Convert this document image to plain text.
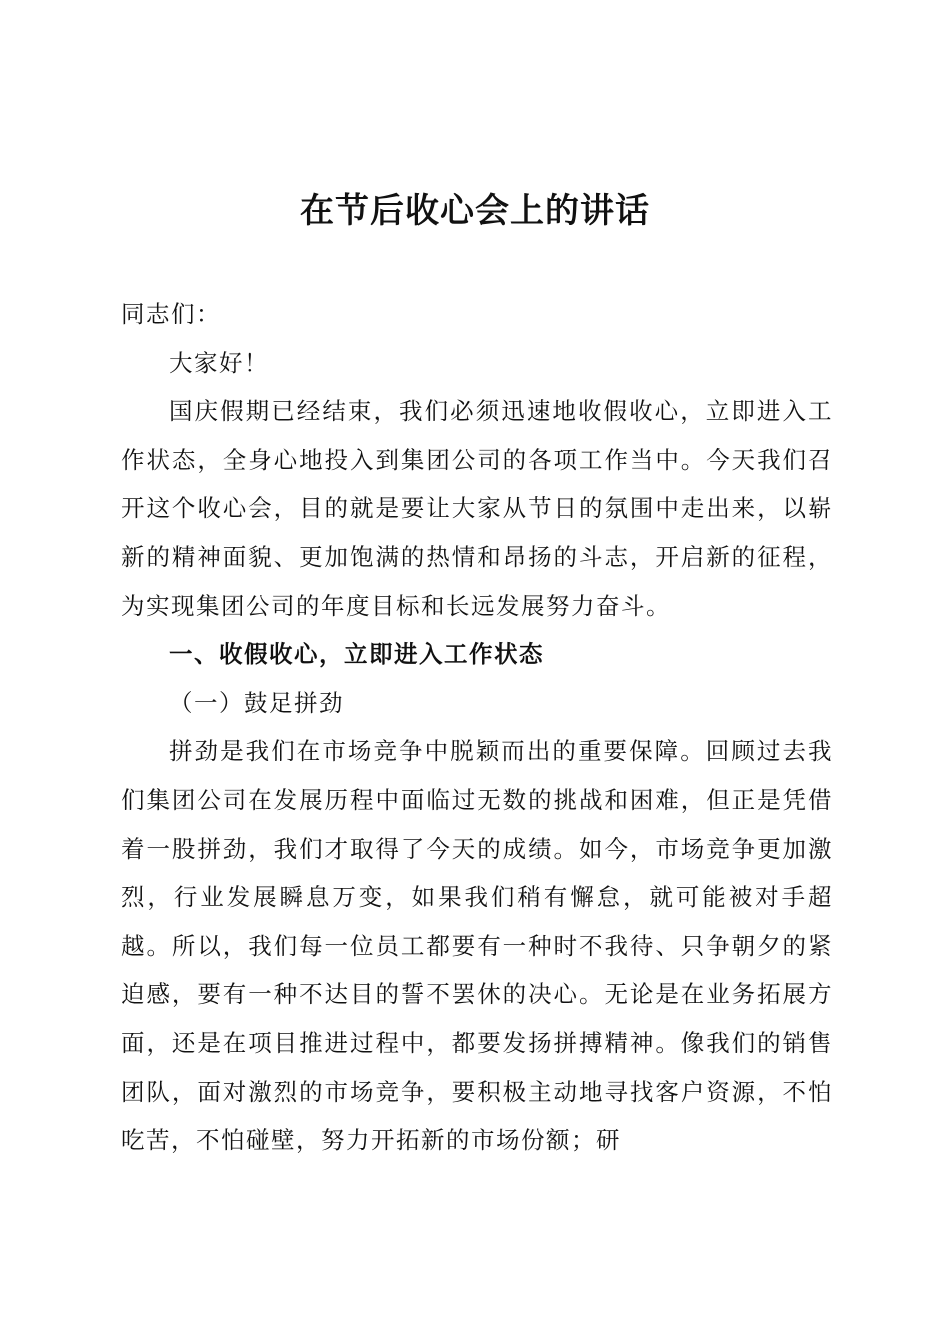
在节后收心会上的讲话

同志们：

大家好！

国庆假期已经结束，我们必须迅速地收假收心，立即进入工作状态，全身心地投入到集团公司的各项工作当中。今天我们召开这个收心会，目的就是要让大家从节日的氛围中走出来，以崭新的精神面貌、更加饱满的热情和昂扬的斗志，开启新的征程，为实现集团公司的年度目标和长远发展努力奋斗。

一、收假收心，立即进入工作状态

（一）鼓足拼劲

拼劲是我们在市场竞争中脱颖而出的重要保障。回顾过去我们集团公司在发展历程中面临过无数的挑战和困难，但正是凭借着一股拼劲，我们才取得了今天的成绩。如今，市场竞争更加激烈，行业发展瞬息万变，如果我们稍有懈怠，就可能被对手超越。所以，我们每一位员工都要有一种时不我待、只争朝夕的紧迫感，要有一种不达目的誓不罢休的决心。无论是在业务拓展方面，还是在项目推进过程中，都要发扬拼搏精神。像我们的销售团队，面对激烈的市场竞争，要积极主动地寻找客户资源，不怕吃苦，不怕碰壁，努力开拓新的市场份额；研
